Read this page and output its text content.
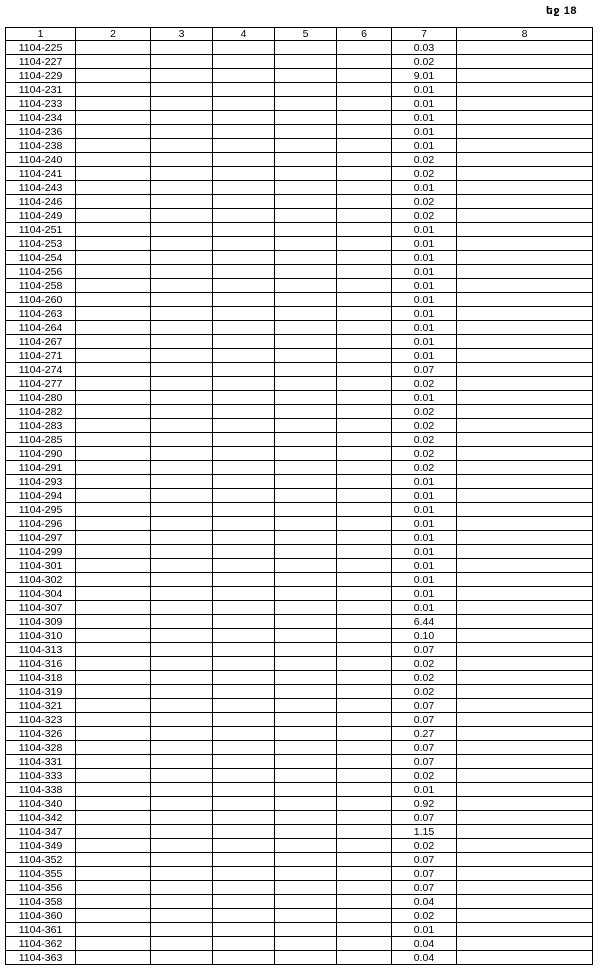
եջ 18
1	2	3	4	5	6	7	8
1104-225						0.03	
1104-227						0.02	
1104-229						9.01	
1104-231						0.01	
1104-233						0.01	
1104-234						0.01	
1104-236						0.01	
1104-238						0.01	
1104-240						0.02	
1104-241						0.02	
1104-243						0.01	
1104-246						0.02	
1104-249						0.02	
1104-251						0.01	
1104-253						0.01	
1104-254						0.01	
1104-256						0.01	
1104-258						0.01	
1104-260						0.01	
1104-263						0.01	
1104-264						0.01	
1104-267						0.01	
1104-271						0.01	
1104-274						0.07	
1104-277						0.02	
1104-280						0.01	
1104-282						0.02	
1104-283						0.02	
1104-285						0.02	
1104-290						0.02	
1104-291						0.02	
1104-293						0.01	
1104-294						0.01	
1104-295						0.01	
1104-296						0.01	
1104-297						0.01	
1104-299						0.01	
1104-301						0.01	
1104-302						0.01	
1104-304						0.01	
1104-307						0.01	
1104-309						6.44	
1104-310						0.10	
1104-313						0.07	
1104-316						0.02	
1104-318						0.02	
1104-319						0.02	
1104-321						0.07	
1104-323						0.07	
1104-326						0.27	
1104-328						0.07	
1104-331						0.07	
1104-333						0.02	
1104-338						0.01	
1104-340						0.92	
1104-342						0.07	
1104-347						1.15	
1104-349						0.02	
1104-352						0.07	
1104-355						0.07	
1104-356						0.07	
1104-358						0.04	
1104-360						0.02	
1104-361						0.01	
1104-362						0.04	
1104-363						0.04	
